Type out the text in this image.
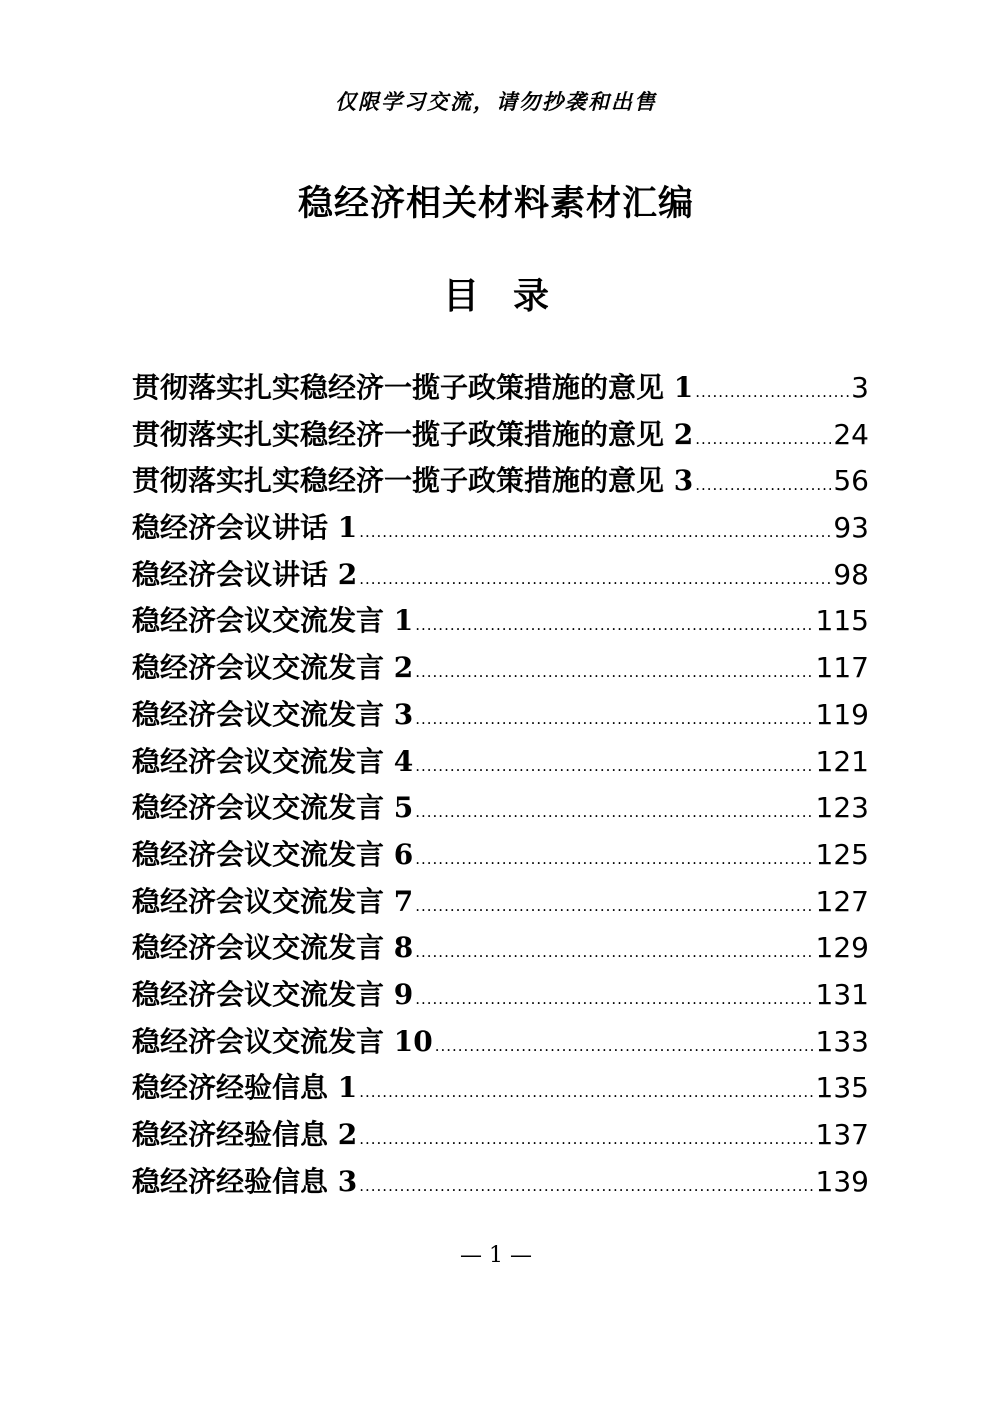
仅限学习交流，请勿抄袭和出售
稳经济相关材料素材汇编
目 录
贯彻落实扎实稳经济一揽子政策措施的意见 1 .....	3
贯彻落实扎实稳经济一揽子政策措施的意见 2 .....	24
贯彻落实扎实稳经济一揽子政策措施的意见 3 .....	56
稳经济会议讲话 1 .....	93
稳经济会议讲话 2 .....	98
稳经济会议交流发言 1 .....	115
稳经济会议交流发言 2 .....	117
稳经济会议交流发言 3 .....	119
稳经济会议交流发言 4 .....	121
稳经济会议交流发言 5 .....	123
稳经济会议交流发言 6 .....	125
稳经济会议交流发言 7 .....	127
稳经济会议交流发言 8 .....	129
稳经济会议交流发言 9 .....	131
稳经济会议交流发言 10 .....	133
稳经济经验信息 1 .....	135
稳经济经验信息 2 .....	137
稳经济经验信息 3 .....	139
— 1 —
